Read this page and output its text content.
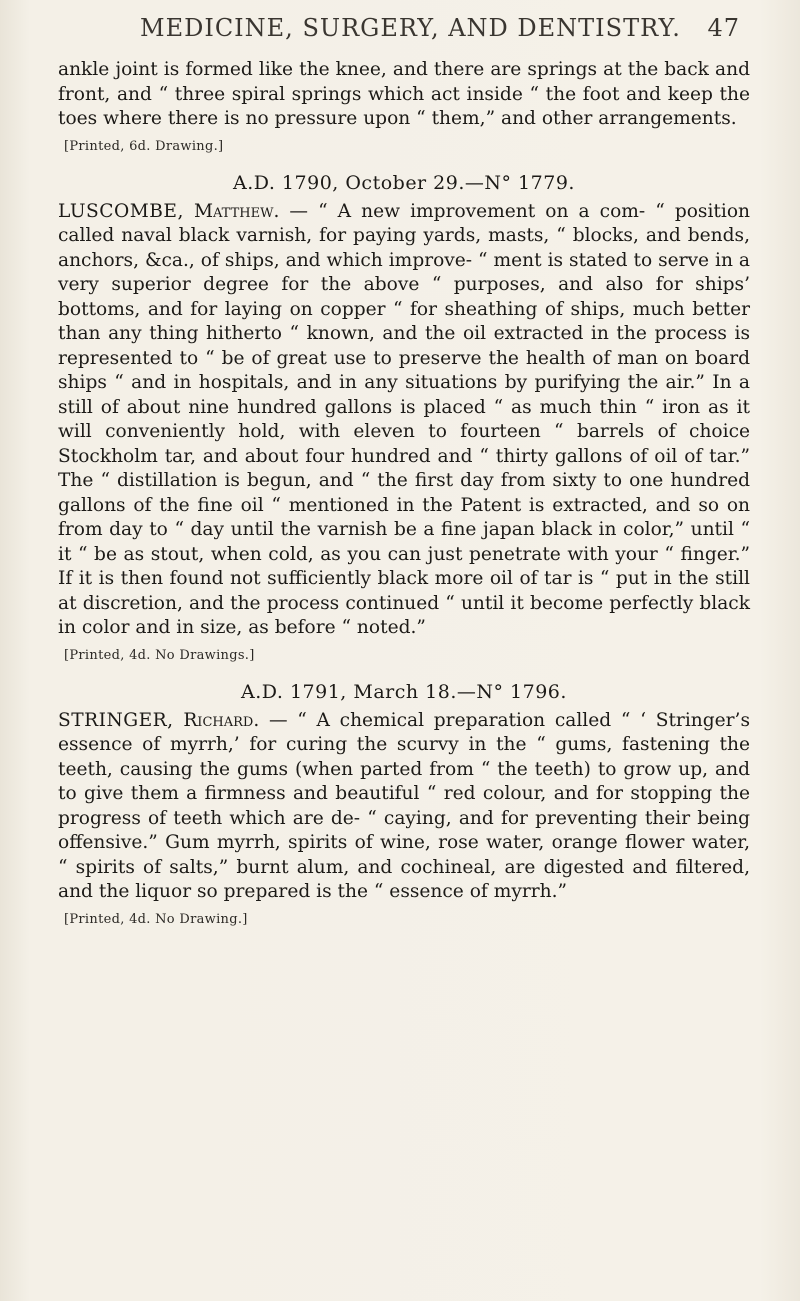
MEDICINE, SURGERY, AND DENTISTRY. 47

ankle joint is formed like the knee, and there are springs at the back and front, and “ three spiral springs which act inside “ the foot and keep the toes where there is no pressure upon “ them,” and other arrangements.

[Printed, 6d. Drawing.]
A.D. 1790, October 29.—N° 1779.

LUSCOMBE, Matthew. — “ A new improvement on a com- “ position called naval black varnish, for paying yards, masts, “ blocks, and bends, anchors, &ca., of ships, and which improve- “ ment is stated to serve in a very superior degree for the above “ purposes, and also for ships’ bottoms, and for laying on copper “ for sheathing of ships, much better than any thing hitherto “ known, and the oil extracted in the process is represented to “ be of great use to preserve the health of man on board ships “ and in hospitals, and in any situations by purifying the air.” In a still of about nine hundred gallons is placed “ as much thin “ iron as it will conveniently hold, with eleven to fourteen “ barrels of choice Stockholm tar, and about four hundred and “ thirty gallons of oil of tar.” The “ distillation is begun, and “ the first day from sixty to one hundred gallons of the fine oil “ mentioned in the Patent is extracted, and so on from day to “ day until the varnish be a fine japan black in color,” until “ it “ be as stout, when cold, as you can just penetrate with your “ finger.” If it is then found not sufficiently black more oil of tar is “ put in the still at discretion, and the process continued “ until it become perfectly black in color and in size, as before “ noted.”

[Printed, 4d. No Drawings.]
A.D. 1791, March 18.—N° 1796.

STRINGER, Richard. — “ A chemical preparation called “ ‘ Stringer’s essence of myrrh,’ for curing the scurvy in the “ gums, fastening the teeth, causing the gums (when parted from “ the teeth) to grow up, and to give them a firmness and beautiful “ red colour, and for stopping the progress of teeth which are de- “ caying, and for preventing their being offensive.” Gum myrrh, spirits of wine, rose water, orange flower water, “ spirits of salts,” burnt alum, and cochineal, are digested and filtered, and the liquor so prepared is the “ essence of myrrh.”

[Printed, 4d. No Drawing.]
